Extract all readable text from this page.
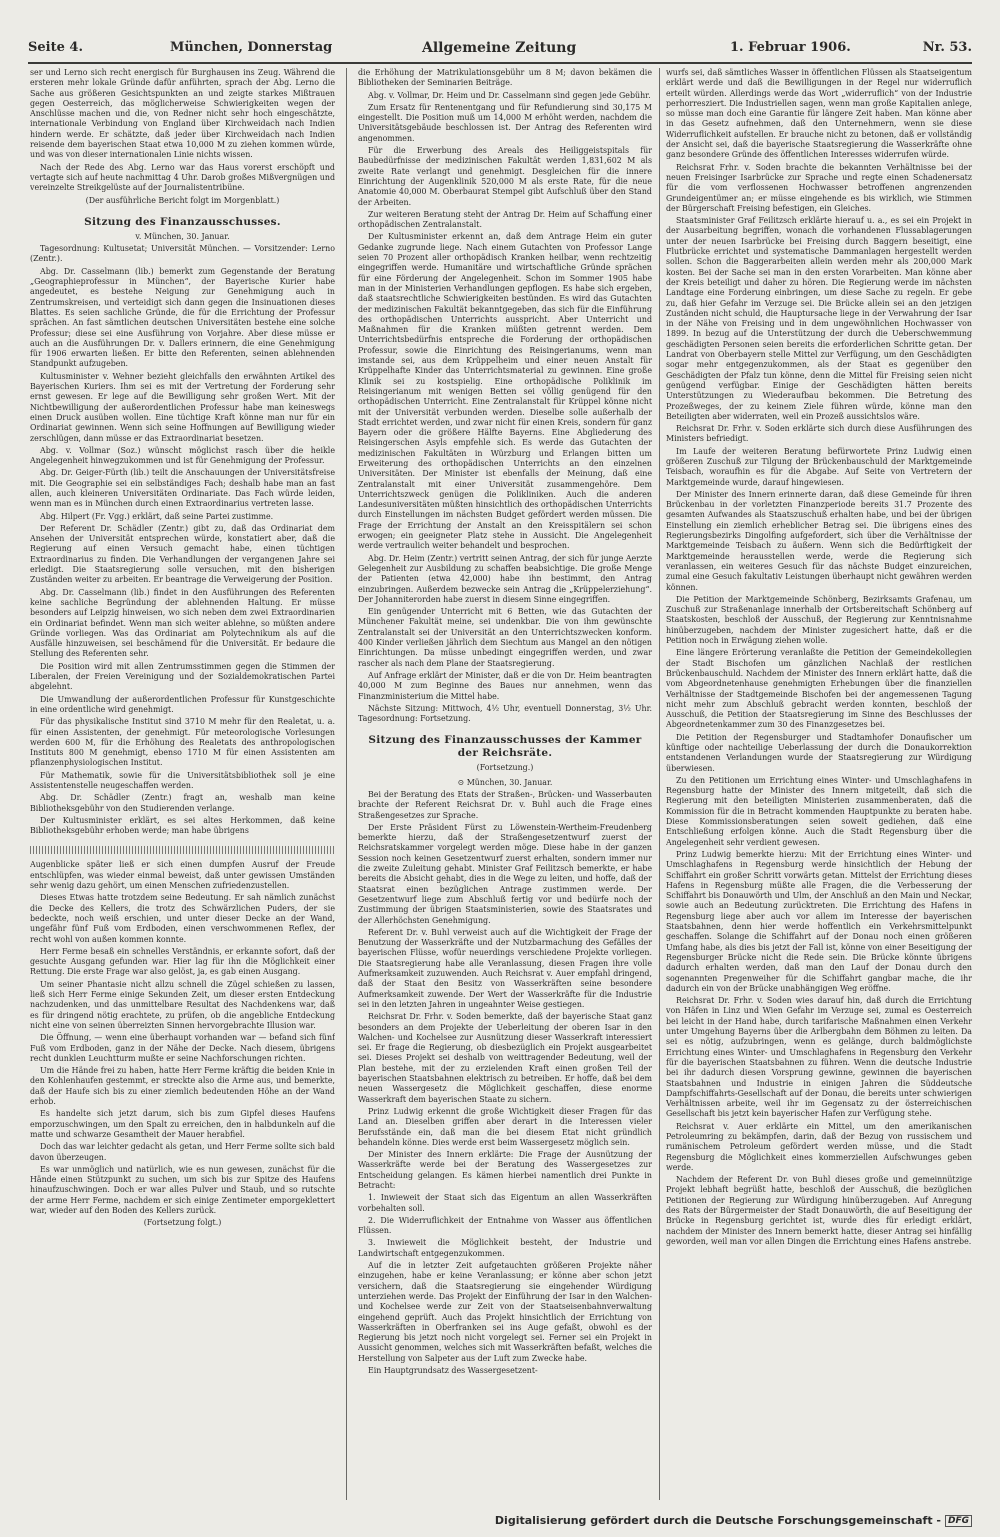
Seite 4.	München, Donnerstag	Allgemeine Zeitung	1. Februar 1906.	Nr. 53.

ser und Lerno sich recht energisch für Burghausen ins Zeug. Während die ersteren mehr lokale Gründe dafür anführten, sprach der Abg. Lerno die Sache aus größeren Gesichtspunkten an und zeigte starkes Mißtrauen gegen Oesterreich, das möglicherweise Schwierigkeiten wegen der Anschlüsse machen und die, von Redner nicht sehr hoch eingeschätzte, internationale Verbindung von England über Kirchweidach nach Indien hindern werde. Er schätzte, daß jeder über Kirchweidach nach Indien reisende dem bayerischen Staat etwa 10,000 M zu ziehen kommen würde, und was von dieser internationalen Linie nichts wissen.

Nach der Rede des Abg. Lerno war das Haus vorerst erschöpft und vertagte sich auf heute nachmittag 4 Uhr. Darob großes Mißvergnügen und vereinzelte Streikgelüste auf der Journalistentribüne.

(Der ausführliche Bericht folgt im Morgenblatt.)

Sitzung des Finanzausschusses.

v. München, 30. Januar.

Tagesordnung: Kultusetat; Universität München. — Vorsitzender: Lerno (Zentr.).

Abg. Dr. Casselmann (lib.) bemerkt zum Gegenstande der Beratung „Geographieprofessur in München“, der Bayerische Kurier habe angedeutet, es bestehe Neigung zur Genehmigung auch in Zentrumskreisen, und verteidigt sich dann gegen die Insinuationen dieses Blattes. Es seien sachliche Gründe, die für die Errichtung der Professur sprächen. An fast sämtlichen deutschen Universitäten bestehe eine solche Professur; diese sei eine Ausführung von Vorjahre. Aber diese müsse er auch an die Ausführungen Dr. v. Dallers erinnern, die eine Genehmigung für 1906 erwarten ließen. Er bitte den Referenten, seinen ablehnenden Standpunkt aufzugeben.

Kultusminister v. Wehner bezieht gleichfalls den erwähnten Artikel des Bayerischen Kuriers. Ihm sei es mit der Vertretung der Forderung sehr ernst gewesen. Er lege auf die Bewilligung sehr großen Wert. Mit der Nichtbewilligung der außerordentlichen Professur habe man keineswegs einen Druck ausüben wollen. Eine tüchtige Kraft könne man nur für ein Ordinariat gewinnen. Wenn sich seine Hoffnungen auf Bewilligung wieder zerschlügen, dann müsse er das Extraordinariat besetzen.

Abg. v. Vollmar (Soz.) wünscht möglichst rasch über die heikle Angelegenheit hinwegzukommen und ist für Genehmigung der Professur.

Abg. Dr. Geiger-Fürth (lib.) teilt die Anschauungen der Universitätsfreise mit. Die Geographie sei ein selbständiges Fach; deshalb habe man an fast allen, auch kleineren Universitäten Ordinariate. Das Fach würde leiden, wenn man es in München durch einen Extraordinarius vertreten lasse.

Abg. Hilpert (Fr. Vgg.) erklärt, daß seine Partei zustimme.

Der Referent Dr. Schädler (Zentr.) gibt zu, daß das Ordinariat dem Ansehen der Universität entsprechen würde, konstatiert aber, daß die Regierung auf einen Versuch gemacht habe, einen tüchtigen Extraordinarius zu finden. Die Verhandlungen der vergangenen Jahre sei erledigt. Die Staatsregierung solle versuchen, mit den bisherigen Zuständen weiter zu arbeiten. Er beantrage die Verweigerung der Position.

Abg. Dr. Casselmann (lib.) findet in den Ausführungen des Referenten keine sachliche Begründung der ablehnenden Haltung. Er müsse besonders auf Leipzig hinweisen, wo sich neben dem zwei Extraordinarien ein Ordinariat befindet. Wenn man sich weiter ablehne, so müßten andere Gründe vorliegen. Was das Ordinariat am Polytechnikum als auf die Ausfälle hinzuweisen, sei beschämend für die Universität. Er bedaure die Stellung des Referenten sehr.

Die Position wird mit allen Zentrumsstimmen gegen die Stimmen der Liberalen, der Freien Vereinigung und der Sozialdemokratischen Partei abgelehnt.

Die Umwandlung der außerordentlichen Professur für Kunstgeschichte in eine ordentliche wird genehmigt.

Für das physikalische Institut sind 3710 M mehr für den Realetat, u. a. für einen Assistenten, der genehmigt. Für meteorologische Vorlesungen werden 600 M, für die Erhöhung des Realetats des anthropologischen Instituts 800 M genehmigt, ebenso 1710 M für einen Assistenten am pflanzenphysiologischen Institut.

Für Mathematik, sowie für die Universitätsbibliothek soll je eine Assistentenstelle neugeschaffen werden.

Abg. Dr. Schädler (Zentr.) fragt an, weshalb man keine Bibliotheksgebühr von den Studierenden verlange.

Der Kultusminister erklärt, es sei altes Herkommen, daß keine Bibliotheksgebühr erhoben werde; man habe übrigens

Augenblicke später ließ er sich einen dumpfen Ausruf der Freude entschlüpfen, was wieder einmal beweist, daß unter gewissen Umständen sehr wenig dazu gehört, um einen Menschen zufriedenzustellen.

Dieses Etwas hatte trotzdem seine Bedeutung. Er sah nämlich zunächst die Decke des Kellers, die trotz des Schwärzlichen Puders, der sie bedeckte, noch weiß erschien, und unter dieser Decke an der Wand, ungefähr fünf Fuß vom Erdboden, einen verschwommenen Reflex, der recht wohl von außen kommen konnte.

Herr Ferme besaß ein schnelles Verständnis, er erkannte sofort, daß der gesuchte Ausgang gefunden war. Hier lag für ihn die Möglichkeit einer Rettung. Die erste Frage war also gelöst, ja, es gab einen Ausgang.

Um seiner Phantasie nicht allzu schnell die Zügel schießen zu lassen, ließ sich Herr Ferme einige Sekunden Zeit, um dieser ersten Entdeckung nachzudenken, und das unmittelbare Resultat des Nachdenkens war, daß es für dringend nötig erachtete, zu prüfen, ob die angebliche Entdeckung nicht eine von seinen überreizten Sinnen hervorgebrachte Illusion war.

Die Öffnung, — wenn eine überhaupt vorhanden war — befand sich fünf Fuß vom Erdboden, ganz in der Nähe der Decke. Nach diesem, übrigens recht dunklen Leuchtturm mußte er seine Nachforschungen richten.

Um die Hände frei zu haben, hatte Herr Ferme kräftig die beiden Knie in den Kohlenhaufen gestemmt, er streckte also die Arme aus, und bemerkte, daß der Haufe sich bis zu einer ziemlich bedeutenden Höhe an der Wand erhob.

Es handelte sich jetzt darum, sich bis zum Gipfel dieses Haufens emporzuschwingen, um den Spalt zu erreichen, den in halbdunkeln auf die matte und schwarze Gesamtheit der Mauer herabfiel.

Doch das war leichter gedacht als getan, und Herr Ferme sollte sich bald davon überzeugen.

Es war unmöglich und natürlich, wie es nun gewesen, zunächst für die Hände einen Stützpunkt zu suchen, um sich bis zur Spitze des Haufens hinaufzuschwingen. Doch er war alles Pulver und Staub, und so rutschte der arme Herr Ferme, nachdem er sich einige Zentimeter emporgeklettert war, wieder auf den Boden des Kellers zurück.

(Fortsetzung folgt.)

die Erhöhung der Matrikulationsgebühr um 8 M; davon bekämen die Bibliotheken der Seminarien Beiträge.

Abg. v. Vollmar, Dr. Heim und Dr. Casselmann sind gegen jede Gebühr.

Zum Ersatz für Rentenentgang und für Refundierung sind 30,175 M eingestellt. Die Position muß um 14,000 M erhöht werden, nachdem die Universitätsgebäude beschlossen ist. Der Antrag des Referenten wird angenommen.

Für die Erwerbung des Areals des Heiliggeistspitals für Baubedürfnisse der medizinischen Fakultät werden 1,831,602 M als zweite Rate verlangt und genehmigt. Desgleichen für die innere Einrichtung der Augenklinik 520,000 M als erste Rate, für die neue Anatomie 40,000 M. Oberbaurat Stempel gibt Aufschluß über den Stand der Arbeiten.

Zur weiteren Beratung steht der Antrag Dr. Heim auf Schaffung einer orthopädischen Zentralanstalt.

Der Kultusminister erkennt an, daß dem Antrage Heim ein guter Gedanke zugrunde liege. Nach einem Gutachten von Professor Lange seien 70 Prozent aller orthopädisch Kranken heilbar, wenn rechtzeitig eingegriffen werde. Humanitäre und wirtschaftliche Gründe sprächen für eine Förderung der Angelegenheit. Schon im Sommer 1905 habe man in der Ministerien Verhandlungen gepflogen. Es habe sich ergeben, daß staatsrechtliche Schwierigkeiten bestünden. Es wird das Gutachten der medizinischen Fakultät bekanntgegeben, das sich für die Einführung des orthopädischen Unterrichts ausspricht. Aber Unterricht und Maßnahmen für die Kranken müßten getrennt werden. Dem Unterrichtsbedürfnis entspreche die Forderung der orthopädischen Professur, sowie die Einrichtung des Reisingerianums, wenn man imstande sei, aus dem Krüppelheim und einer neuen Anstalt für Krüppelhafte Kinder das Unterrichtsmaterial zu gewinnen. Eine große Klinik sei zu kostspielig. Eine orthopädische Poliklinik im Reisingerianum mit wenigen Betten sei völlig genügend für den orthopädischen Unterricht. Eine Zentralanstalt für Krüppel könne nicht mit der Universität verbunden werden. Dieselbe solle außerhalb der Stadt errichtet werden, und zwar nicht für einen Kreis, sondern für ganz Bayern oder die größere Hälfte Bayerns. Eine Abgliederung des Reisingerschen Asyls empfehle sich. Es werde das Gutachten der medizinischen Fakultäten in Würzburg und Erlangen bitten um Erweiterung des orthopädischen Unterrichts an den einzelnen Universitäten. Der Minister ist ebenfalls der Meinung, daß eine Zentralanstalt mit einer Universität zusammengehöre. Dem Unterrichtszweck genügen die Polikliniken. Auch die anderen Landesuniversitäten müßten hinsichtlich des orthopädischen Unterrichts durch Einstellungen im nächsten Budget gefördert werden müssen. Die Frage der Errichtung der Anstalt an den Kreisspitälern sei schon erwogen; ein geeigneter Platz stehe in Aussicht. Die Angelegenheit werde vertraulich weiter behandelt und besprochen.

Abg. Dr. Heim (Zentr.) vertritt seinen Antrag, der sich für junge Aerzte Gelegenheit zur Ausbildung zu schaffen beabsichtige. Die große Menge der Patienten (etwa 42,000) habe ihn bestimmt, den Antrag einzubringen. Außerdem bezwecke sein Antrag die „Krüppelerziehung“. Der Johanniterorden habe zuerst in diesem Sinne eingegriffen.

Ein genügender Unterricht mit 6 Betten, wie das Gutachten der Münchener Fakultät meine, sei undenkbar. Die von ihm gewünschte Zentralanstalt sei der Universität an den Unterrichtszwecken konform. 400 Kinder verließen jährlich dem Siechtum aus Mangel an den nötigen Einrichtungen. Da müsse unbedingt eingegriffen werden, und zwar rascher als nach dem Plane der Staatsregierung.

Auf Anfrage erklärt der Minister, daß er die von Dr. Heim beantragten 40,000 M zum Beginne des Baues nur annehmen, wenn das Finanzministerium die Mittel habe.

Nächste Sitzung: Mittwoch, 4½ Uhr, eventuell Donnerstag, 3½ Uhr. Tagesordnung: Fortsetzung.

Sitzung des Finanzausschusses der Kammer der Reichsräte.

(Fortsetzung.)

⊙ München, 30. Januar.

Bei der Beratung des Etats der Straßen-, Brücken- und Wasserbauten brachte der Referent Reichsrat Dr. v. Buhl auch die Frage eines Straßengesetzes zur Sprache.

Der Erste Präsident Fürst zu Löwenstein-Wertheim-Freudenberg bemerkte hierzu, daß der Straßengesetzentwurf zuerst der Reichsratskammer vorgelegt werden möge. Diese habe in der ganzen Session noch keinen Gesetzentwurf zuerst erhalten, sondern immer nur die zweite Zuleitung gehabt. Minister Graf Feilitzsch bemerkte, er habe bereits die Absicht gehabt, dies in die Wege zu leiten, und hoffe, daß der Staatsrat einen bezüglichen Antrage zustimmen werde. Der Gesetzentwurf liege zum Abschluß fertig vor und bedürfe noch der Zustimmung der übrigen Staatsministerien, sowie des Staatsrates und der Allerhöchsten Genehmigung.

Referent Dr. v. Buhl verweist auch auf die Wichtigkeit der Frage der Benutzung der Wasserkräfte und der Nutzbarmachung des Gefälles der bayerischen Flüsse, wofür neuerdings verschiedene Projekte vorliegen. Die Staatsregierung habe alle Veranlassung, diesen Fragen ihre volle Aufmerksamkeit zuzuwenden. Auch Reichsrat v. Auer empfahl dringend, daß der Staat den Besitz von Wasserkräften seine besondere Aufmerksamkeit zuwende. Der Wert der Wasserkräfte für die Industrie sei in den letzten Jahren in ungeahnter Weise gestiegen.

Reichsrat Dr. Frhr. v. Soden bemerkte, daß der bayerische Staat ganz besonders an dem Projekte der Ueberleitung der oberen Isar in den Walchen- und Kochelsee zur Ausnützung dieser Wasserkraft interessiert sei. Er frage die Regierung, ob diesbezüglich ein Projekt ausgearbeitet sei. Dieses Projekt sei deshalb von weittragender Bedeutung, weil der Plan bestehe, mit der zu erzielenden Kraft einen großen Teil der bayerischen Staatsbahnen elektrisch zu betreiben. Er hoffe, daß bei dem neuen Wassergesetz die Möglichkeit geschaffen, diese enorme Wasserkraft dem bayerischen Staate zu sichern.

Prinz Ludwig erkennt die große Wichtigkeit dieser Fragen für das Land an. Dieselben griffen aber derart in die Interessen vieler Berufsstände ein, daß man die bei diesem Etat nicht gründlich behandeln könne. Dies werde erst beim Wassergesetz möglich sein.

Der Minister des Innern erklärte: Die Frage der Ausnützung der Wasserkräfte werde bei der Beratung des Wassergesetzes zur Entscheidung gelangen. Es kämen hierbei namentlich drei Punkte in Betracht:

1. Inwieweit der Staat sich das Eigentum an allen Wasserkräften vorbehalten soll.

2. Die Widerruflichkeit der Entnahme von Wasser aus öffentlichen Flüssen.

3. Inwieweit die Möglichkeit besteht, der Industrie und Landwirtschaft entgegenzukommen.

Auf die in letzter Zeit aufgetauchten größeren Projekte näher einzugehen, habe er keine Veranlassung; er könne aber schon jetzt versichern, daß die Staatsregierung sie eingehender Würdigung unterziehen werde. Das Projekt der Einführung der Isar in den Walchen- und Kochelsee werde zur Zeit von der Staatseisenbahnverwaltung eingehend geprüft. Auch das Projekt hinsichtlich der Errichtung von Wasserkräften in Oberfranken sei ins Auge gefaßt, obwohl es der Regierung bis jetzt noch nicht vorgelegt sei. Ferner sei ein Projekt in Aussicht genommen, welches sich mit Wasserkräften befaßt, welches die Herstellung von Salpeter aus der Luft zum Zwecke habe.

Ein Hauptgrundsatz des Wassergesetzent-

wurfs sei, daß sämtliches Wasser in öffentlichen Flüssen als Staatseigentum erklärt werde und daß die Bewilligungen in der Regel nur widerruflich erteilt würden. Allerdings werde das Wort „widerruflich“ von der Industrie perhorresziert. Die Industriellen sagen, wenn man große Kapitalien anlege, so müsse man doch eine Garantie für längere Zeit haben. Man könne aber in das Gesetz aufnehmen, daß den Unternehmern, wenn sie diese Widerruflichkeit aufstellen. Er brauche nicht zu betonen, daß er vollständig der Ansicht sei, daß die bayerische Staatsregierung die Wasserkräfte ohne ganz besondere Gründe des öffentlichen Interesses widerrufen würde.

Reichsrat Frhr. v. Soden brachte die bekannten Verhältnisse bei der neuen Freisinger Isarbrücke zur Sprache und regte einen Schadenersatz für die vom verflossenen Hochwasser betroffenen angrenzenden Grundeigentümer an; er müsse eingehende es bis wirklich, wie Stimmen der Bürgerschaft Freising befestigen, ein Gleiches.

Staatsminister Graf Feilitzsch erklärte hierauf u. a., es sei ein Projekt in der Ausarbeitung begriffen, wonach die vorhandenen Flussablagerungen unter der neuen Isarbrücke bei Freising durch Baggern beseitigt, eine Flutbrücke errichtet und systematische Dammanlagen hergestellt werden sollen. Schon die Baggerarbeiten allein werden mehr als 200,000 Mark kosten. Bei der Sache sei man in den ersten Vorarbeiten. Man könne aber der Kreis beteiligt und daher zu hören. Die Regierung werde im nächsten Landtage eine Forderung einbringen, um diese Sache zu regeln. Er gebe zu, daß hier Gefahr im Verzuge sei. Die Brücke allein sei an den jetzigen Zuständen nicht schuld, die Hauptursache liege in der Verwahrung der Isar in der Nähe von Freising und in dem ungewöhnlichen Hochwasser von 1899. In bezug auf die Unterstützung der durch die Ueberschwemmung geschädigten Personen seien bereits die erforderlichen Schritte getan. Der Landrat von Oberbayern stelle Mittel zur Verfügung, um den Geschädigten sogar mehr entgegenzukommen, als der Staat es gegenüber den Geschädigten der Pfalz tun könne, denn die Mittel für Freising seien nicht genügend verfügbar. Einige der Geschädigten hätten bereits Unterstützungen zu Wiederaufbau bekommen. Die Betretung des Prozeßweges, der zu keinem Ziele führen würde, könne man den Beteiligten aber widerraten, weil ein Prozeß aussichtslos wäre.

Reichsrat Dr. Frhr. v. Soden erklärte sich durch diese Ausführungen des Ministers befriedigt.

Im Laufe der weiteren Beratung befürwortete Prinz Ludwig einen größeren Zuschuß zur Tilgung der Brückenbauschuld der Marktgemeinde Teisbach, woraufhin es für die Abgabe. Auf Seite von Vertretern der Marktgemeinde wurde, darauf hingewiesen.

Der Minister des Innern erinnerte daran, daß diese Gemeinde für ihren Brückenbau in der vorletzten Finanzperiode bereits 31.7 Prozente des gesamten Aufwandes als Staatszuschuß erhalten habe, und bei der übrigen Einstellung ein ziemlich erheblicher Betrag sei. Die übrigens eines des Regierungsbezirks Dingolfing aufgefordert, sich über die Verhältnisse der Marktgemeinde Teisbach zu äußern. Wenn sich die Bedürftigkeit der Marktgemeinde herausstellen werde, werde die Regierung sich veranlassen, ein weiteres Gesuch für das nächste Budget einzureichen, zumal eine Gesuch fakultativ Leistungen überhaupt nicht gewähren werden können.

Die Petition der Marktgemeinde Schönberg, Bezirksamts Grafenau, um Zuschuß zur Straßenanlage innerhalb der Ortsbereitschaft Schönberg auf Staatskosten, beschloß der Ausschuß, der Regierung zur Kenntnisnahme hinüberzugeben, nachdem der Minister zugesichert hatte, daß er die Petition noch in Erwägung ziehen wolle.

Eine längere Erörterung veranlaßte die Petition der Gemeindekollegien der Stadt Bischofen um gänzlichen Nachlaß der restlichen Brückenbauschuld. Nachdem der Minister des Innern erklärt hatte, daß die vom Abgeordnetenhause genehmigten Erhebungen über die finanziellen Verhältnisse der Stadtgemeinde Bischofen bei der angemessenen Tagung nicht mehr zum Abschluß gebracht werden konnten, beschloß der Ausschuß, die Petition der Staatsregierung im Sinne des Beschlusses der Abgeordnetenkammer zum 30 des Finanzgesetzes bei.

Die Petition der Regensburger und Stadtamhofer Donaufischer um künftige oder nachteilige Ueberlassung der durch die Donaukorrektion entstandenen Verlandungen wurde der Staatsregierung zur Würdigung überwiesen.

Zu den Petitionen um Errichtung eines Winter- und Umschlaghafens in Regensburg hatte der Minister des Innern mitgeteilt, daß sich die Regierung mit den beteiligten Ministerien zusammenberaten, daß die Kommission für die in Betracht kommenden Hauptpunkte zu beraten habe. Diese Kommissionsberatungen seien soweit gediehen, daß eine Entschließung erfolgen könne. Auch die Stadt Regensburg über die Angelegenheit sehr verdient gewesen.

Prinz Ludwig bemerkte hierzu: Mit der Errichtung eines Winter- und Umschlaghafens in Regensburg werde hinsichtlich der Hebung der Schiffahrt ein großer Schritt vorwärts getan. Mittelst der Errichtung dieses Hafens in Regensburg müßte alle Fragen, die die Verbesserung der Schiffahrt bis Donauwörth und Ulm, der Anschluß an den Main und Neckar, sowie auch an Bedeutung zurücktreten. Die Errichtung des Hafens in Regensburg liege aber auch vor allem im Interesse der bayerischen Staatsbahnen, denn hier werde hoffentlich ein Verkehrsmittelpunkt geschaffen. Solange die Schiffahrt auf der Donau noch einen größeren Umfang habe, als dies bis jetzt der Fall ist, könne von einer Beseitigung der Regensburger Brücke nicht die Rede sein. Die Brücke könnte übrigens dadurch erhalten werden, daß man den Lauf der Donau durch den sogenannten Pregenweiher für die Schiffahrt gangbar mache, die ihr dadurch ein von der Brücke unabhängigen Weg eröffne.

Reichsrat Dr. Frhr. v. Soden wies darauf hin, daß durch die Errichtung von Häfen in Linz und Wien Gefahr im Verzuge sei, zumal es Oesterreich bei leicht in der Hand habe, durch tarifarische Maßnahmen einen Verkehr unter Umgehung Bayerns über die Arlbergbahn dem Böhmen zu leiten. Da sei es nötig, aufzubringen, wenn es gelänge, durch baldmöglichste Errichtung eines Winter- und Umschlaghafens in Regensburg den Verkehr für die bayerischen Staatsbahnen zu führen. Wenn die deutsche Industrie bei ihr dadurch diesen Vorsprung gewinne, gewinnen die bayerischen Staatsbahnen und Industrie in einigen Jahren die Süddeutsche Dampfschiffahrts-Gesellschaft auf der Donau, die bereits unter schwierigen Verhältnissen arbeite, weil ihr im Gegensatz zu der österreichischen Gesellschaft bis jetzt kein bayerischer Hafen zur Verfügung stehe.

Reichsrat v. Auer erklärte ein Mittel, um den amerikanischen Petroleumring zu bekämpfen, darin, daß der Bezug von russischem und rumänischem Petroleum gefördert werden müsse, und die Stadt Regensburg die Möglichkeit eines kommerziellen Aufschwunges geben werde.

Nachdem der Referent Dr. von Buhl dieses große und gemeinnützige Projekt lebhaft begrüßt hatte, beschloß der Ausschuß, die bezüglichen Petitionen der Regierung zur Würdigung hinüberzugeben. Auf Anregung des Rats der Bürgermeister der Stadt Donauwörth, die auf Beseitigung der Brücke in Regensburg gerichtet ist, wurde dies für erledigt erklärt, nachdem der Minister des Innern bemerkt hatte, dieser Antrag sei hinfällig geworden, weil man vor allen Dingen die Errichtung eines Hafens anstrebe.

Digitalisierung gefördert durch die Deutsche Forschungsgemeinschaft - DFG
